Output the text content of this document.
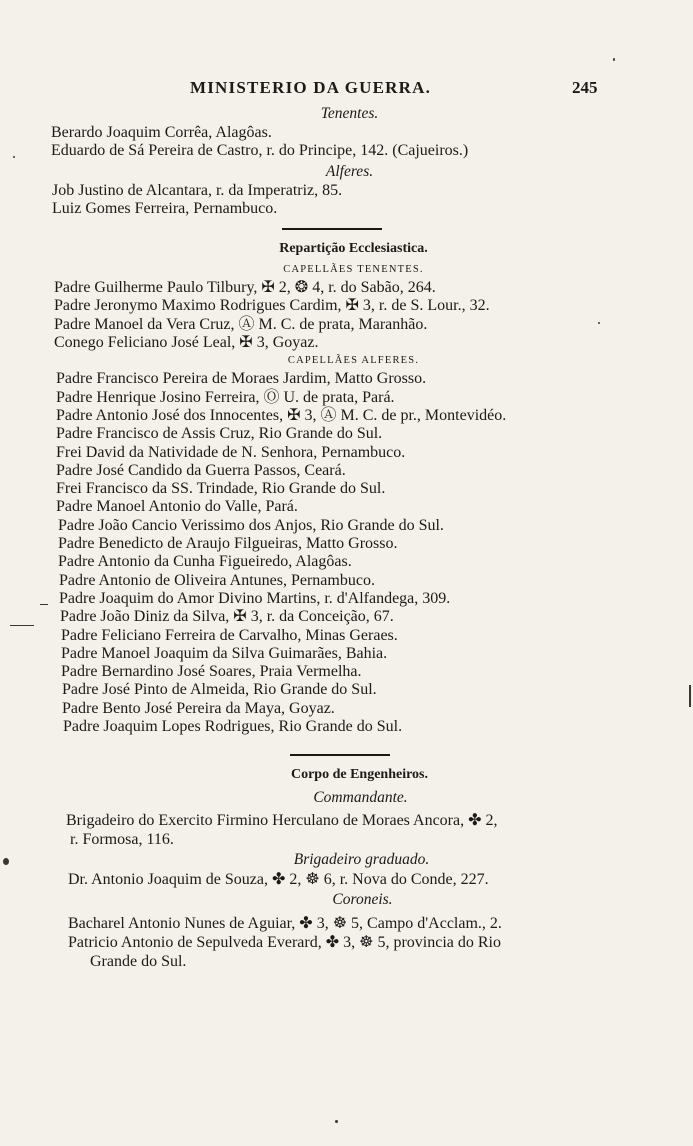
MINISTERIO DA GUERRA.	245
Tenentes.
Berardo Joaquim Corrêa, Alagôas.
Eduardo de Sá Pereira de Castro, r. do Principe, 142. (Cajueiros.)
Alferes.
Job Justino de Alcantara, r. da Imperatriz, 85.
Luiz Gomes Ferreira, Pernambuco.
Repartição Ecclesiastica.
CAPELLÃES TENENTES.
Padre Guilherme Paulo Tilbury, ✠ 2, ❂ 4, r. do Sabão, 264.
Padre Jeronymo Maximo Rodrigues Cardim, ✠ 3, r. de S. Lour., 32.
Padre Manoel da Vera Cruz, Ⓐ M. C. de prata, Maranhão.
Conego Feliciano José Leal, ✠ 3, Goyaz.
CAPELLÃES ALFERES.
Padre Francisco Pereira de Moraes Jardim, Matto Grosso.
Padre Henrique Josino Ferreira, Ⓞ U. de prata, Pará.
Padre Antonio José dos Innocentes, ✠ 3, Ⓐ M. C. de pr., Montevidéo.
Padre Francisco de Assis Cruz, Rio Grande do Sul.
Frei David da Natividade de N. Senhora, Pernambuco.
Padre José Candido da Guerra Passos, Ceará.
Frei Francisco da SS. Trindade, Rio Grande do Sul.
Padre Manoel Antonio do Valle, Pará.
Padre João Cancio Verissimo dos Anjos, Rio Grande do Sul.
Padre Benedicto de Araujo Filgueiras, Matto Grosso.
Padre Antonio da Cunha Figueiredo, Alagôas.
Padre Antonio de Oliveira Antunes, Pernambuco.
Padre Joaquim do Amor Divino Martins, r. d'Alfandega, 309.
Padre João Diniz da Silva, ✠ 3, r. da Conceição, 67.
Padre Feliciano Ferreira de Carvalho, Minas Geraes.
Padre Manoel Joaquim da Silva Guimarães, Bahia.
Padre Bernardino José Soares, Praia Vermelha.
Padre José Pinto de Almeida, Rio Grande do Sul.
Padre Bento José Pereira da Maya, Goyaz.
Padre Joaquim Lopes Rodrigues, Rio Grande do Sul.
Corpo de Engenheiros.
Commandante.
Brigadeiro do Exercito Firmino Herculano de Moraes Ancora, ✤ 2,
r. Formosa, 116.
Brigadeiro graduado.
Dr. Antonio Joaquim de Souza, ✤ 2, ☸ 6, r. Nova do Conde, 227.
Coroneis.
Bacharel Antonio Nunes de Aguiar, ✤ 3, ☸ 5, Campo d'Acclam., 2.
Patricio Antonio de Sepulveda Everard, ✤ 3, ☸ 5, provincia do Rio
Grande do Sul.
